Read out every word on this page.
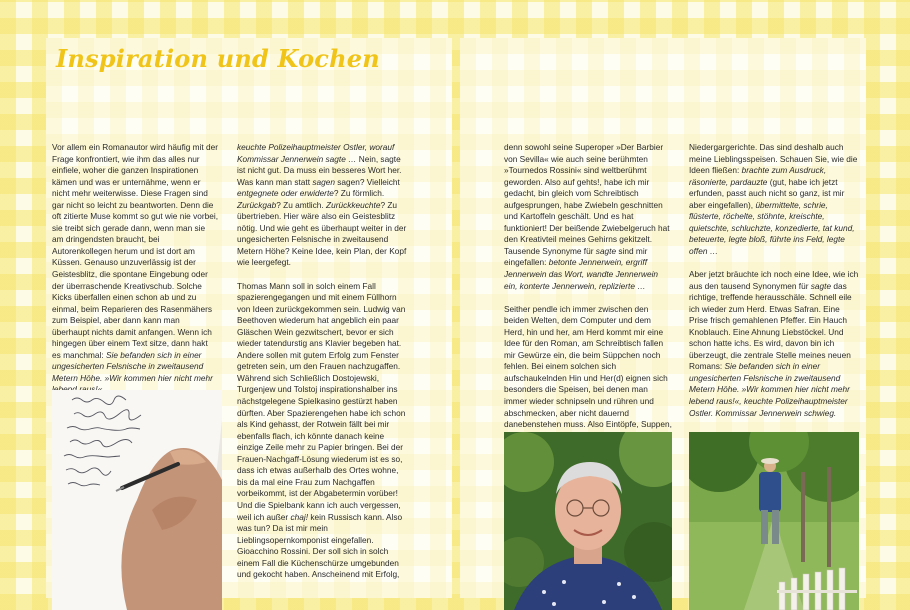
Inspiration und Kochen

Vor allem ein Romanautor wird häufig mit der Frage konfrontiert, wie ihm das alles nur einfiele, woher die ganzen Inspirationen kämen und was er unternähme, wenn er nicht mehr weiterwisse. Diese Fragen sind gar nicht so leicht zu beantworten. Denn die oft zitierte Muse kommt so gut wie nie vorbei, sie treibt sich gerade dann, wenn man sie am dringendsten braucht, bei Autorenkollegen herum und ist dort am Küssen. Genauso unzuverlässig ist der Geistesblitz, die spontane Eingebung oder der überraschende Kreativschub. Solche Kicks überfallen einen schon ab und zu einmal, beim Reparieren des Rasenmähers zum Beispiel, aber dann kann man überhaupt nichts damit anfangen. Wenn ich hingegen über einem Text sitze, dann hakt es manchmal: Sie befanden sich in einer ungesicherten Felsnische in zweitausend Metern Höhe. »Wir kommen hier nicht mehr

keuchte Polizeihauptmeister Ostler, worauf Kommissar Jennerwein sagte … Nein, sagte ist nicht gut. Da muss ein besseres Wort her. Was kann man statt sagen sagen? Vielleicht entgegnete oder erwiderte? Zu förmlich. Zurückgab? Zu amtlich. Zurückkeuchte? Zu übertrieben. Hier wäre also ein Geistesblitz nötig. Und wie geht es überhaupt weiter in der ungesicherten Felsnische in zweitausend Metern Höhe? Keine Idee, kein Plan, der Kopf wie leergefegt.

Thomas Mann soll in solch einem Fall spazierengegangen und mit einem Füllhorn von Ideen zurückgekommen sein. Ludwig van Beethoven wiederum hat angeblich ein paar Gläschen Wein gezwitschert, bevor er sich wieder tatendurstig ans Klavier begeben hat. Andere sollen mit gutem Erfolg zum Fenster getreten sein, um den Frauen nachzugaffen. Während sich Schließlich Dostojewski, Turgenjew und Tolstoj inspirationshalber ins nächstgelegene Spielkasino gestürzt haben dürften. Aber Spazierengehen habe ich schon als Kind gehasst, der Rotwein fällt bei mir ebenfalls flach, ich könnte danach keine einzige Zeile mehr zu Papier bringen. Bei der Frauen-Nachgaff-Lösung wiederum ist es so, dass ich etwas außerhalb des Ortes wohne, bis da mal eine Frau zum Nachgaffen vorbeikommt, ist der Abgabetermin vorüber! Und die Spielbank kann ich auch vergessen, weil ich außer chaj! kein Russisch kann. Also was tun? Da ist mir mein Lieblingsopernkomponist eingefallen. Gioacchino Rossini. Der soll sich in solch einem Fall die Küchenschürze umgebunden und gekocht haben. Anscheinend mit Erfolg,

denn sowohl seine Superoper »Der Barbier von Sevilla« wie auch seine berühmten »Tournedos Rossini« sind weltberühmt geworden. Also auf gehts!, habe ich mir gedacht, bin gleich vom Schreibtisch aufgesprungen, habe Zwiebeln geschnitten und Kartoffeln geschält. Und es hat funktioniert! Der beißende Zwiebelgeruch hat den Kreativteil meines Gehirns gekitzelt. Tausende Synonyme für sagte sind mir eingefallen: betonte Jennerwein, ergriff Jennerwein das Wort, wandte Jennerwein ein, konterte Jennerwein, replizierte …

Seither pendle ich immer zwischen den beiden Welten, dem Computer und dem Herd, hin und her, am Herd kommt mir eine Idee für den Roman, am Schreibtisch fallen mir Gewürze ein, die beim Süppchen noch fehlen. Bei einem solchen sich aufschaukelnden Hin und Her(d) eignen sich besonders die Speisen, bei denen man immer wieder schnipseln und rühren und abschmecken, aber nicht dauernd danebenstehen muss. Also Eintöpfe, Suppen,

Niedergargerichte. Das sind deshalb auch meine Lieblingsspeisen. Schauen Sie, wie die Ideen fließen: brachte zum Ausdruck, räsonierte, pardauzte (gut, habe ich jetzt erfunden, passt auch nicht so ganz, ist mir aber eingefallen), übermittelte, schrie, flüsterte, röchelte, stöhnte, kreischte, quietschte, schluchzte, konzedierte, tat kund, beteuerte, legte bloß, führte ins Feld, legte offen …

Aber jetzt bräuchte ich noch eine Idee, wie ich aus den tausend Synonymen für sagte das richtige, treffende herausschäle. Schnell eile ich wieder zum Herd. Etwas Safran. Eine Prise frisch gemahlenen Pfeffer. Ein Hauch Knoblauch. Eine Ahnung Liebstöckel. Und schon hatte ichs. Es wird, davon bin ich überzeugt, die zentrale Stelle meines neuen Romans: Sie befanden sich in einer ungesicherten Felsnische in zweitausend Metern Höhe. »Wir kommen hier nicht mehr lebend raus!«, keuchte Polizeihauptmeister Ostler. Kommissar Jennerwein schwieg.
